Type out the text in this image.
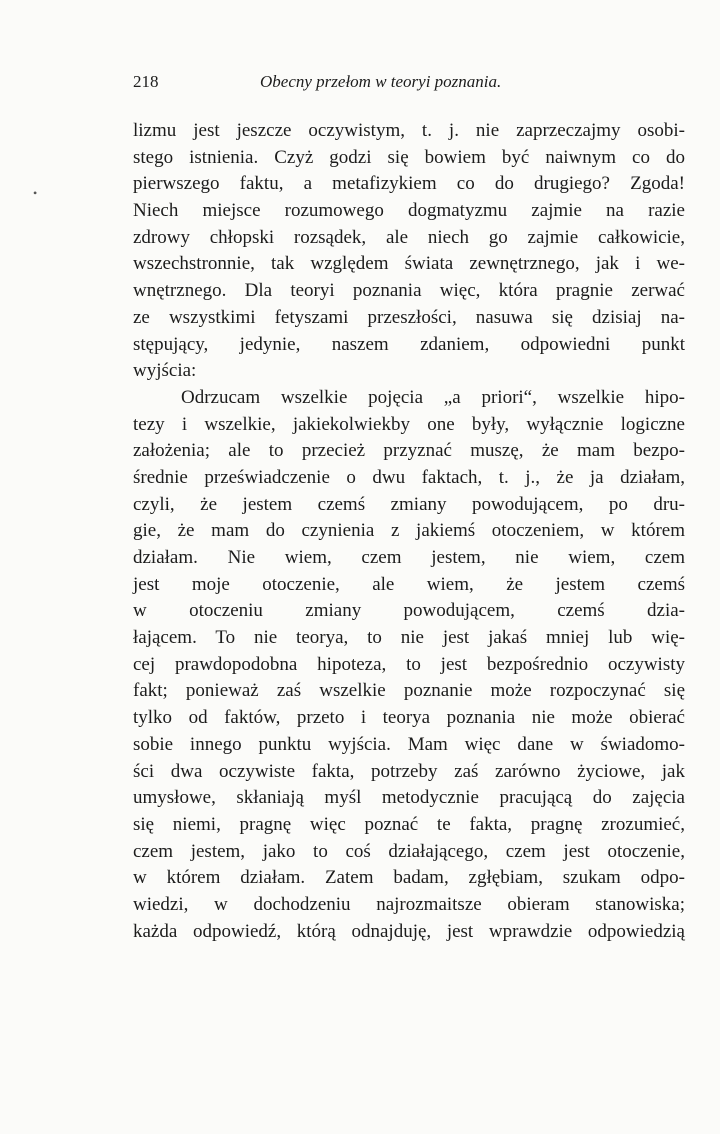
218	Obecny przełom w teoryi poznania.
•
lizmu jest jeszcze oczywistym, t. j. nie zaprzeczajmy osobi-
stego istnienia. Czyż godzi się bowiem być naiwnym co do
pierwszego faktu, a metafizykiem co do drugiego? Zgoda!
Niech miejsce rozumowego dogmatyzmu zajmie na razie
zdrowy chłopski rozsądek, ale niech go zajmie całkowicie,
wszechstronnie, tak względem świata zewnętrznego, jak i we-
wnętrznego. Dla teoryi poznania więc, która pragnie zerwać
ze wszystkimi fetyszami przeszłości, nasuwa się dzisiaj na-
stępujący, jedynie, naszem zdaniem, odpowiedni punkt
wyjścia:
Odrzucam wszelkie pojęcia „a priori“, wszelkie hipo-
tezy i wszelkie, jakiekolwiekby one były, wyłącznie logiczne
założenia; ale to przecież przyznać muszę, że mam bezpo-
średnie przeświadczenie o dwu faktach, t. j., że ja działam,
czyli, że jestem czemś zmiany powodującem, po dru-
gie, że mam do czynienia z jakiemś otoczeniem, w którem
działam. Nie wiem, czem jestem, nie wiem, czem
jest moje otoczenie, ale wiem, że jestem czemś
w otoczeniu zmiany powodującem, czemś dzia-
łającem. To nie teorya, to nie jest jakaś mniej lub wię-
cej prawdopodobna hipoteza, to jest bezpośrednio oczywisty
fakt; ponieważ zaś wszelkie poznanie może rozpoczynać się
tylko od faktów, przeto i teorya poznania nie może obierać
sobie innego punktu wyjścia. Mam więc dane w świadomo-
ści dwa oczywiste fakta, potrzeby zaś zarówno życiowe, jak
umysłowe, skłaniają myśl metodycznie pracującą do zajęcia
się niemi, pragnę więc poznać te fakta, pragnę zrozumieć,
czem jestem, jako to coś działającego, czem jest otoczenie,
w którem działam. Zatem badam, zgłębiam, szukam odpo-
wiedzi, w dochodzeniu najrozmaitsze obieram stanowiska;
każda odpowiedź, którą odnajduję, jest wprawdzie odpowiedzią
